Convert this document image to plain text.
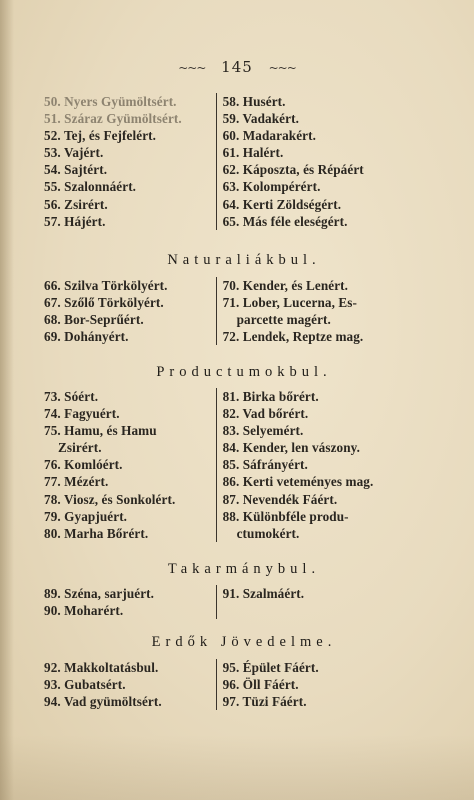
~~~ 145 ~~~
50. Nyers Gyümöltsért.
51. Száraz Gyümöltsért.
52. Tej, és Fejfelért.
53. Vajért.
54. Sajtért.
55. Szalonnáért.
56. Zsirért.
57. Hájért.
58. Husért.
59. Vadakért.
60. Madarakért.
61. Halért.
62. Káposzta, és Répáért
63. Kolompérért.
64. Kerti Zöldségért.
65. Más féle eleségért.
Naturaliákbul.
66. Szilva Törkölyért.
67. Szőlő Törkölyért.
68. Bor-Seprűért.
69. Dohányért.
70. Kender, és Lenért.
71. Lober, Lucerna, Es-
parcette magért.
72. Lendek, Reptze mag.
Productumokbul.
73. Sóért.
74. Fagyuért.
75. Hamu, és Hamu
Zsirért.
76. Komlóért.
77. Mézért.
78. Viosz, és Sonkolért.
79. Gyapjuért.
80. Marha Bőrért.
81. Birka bőrért.
82. Vad bőrért.
83. Selyemért.
84. Kender, len vászony.
85. Sáfrányért.
86. Kerti veteményes mag.
87. Nevendék Fáért.
88. Különbféle produ-
ctumokért.
Takarmánybul.
89. Széna, sarjuért.
90. Moharért.
91. Szalmáért.

Erdők Jövedelme.
92. Makkoltatásbul.
93. Gubatsért.
94. Vad gyümöltsért.
95. Épület Fáért.
96. Öll Fáért.
97. Tüzi Fáért.
